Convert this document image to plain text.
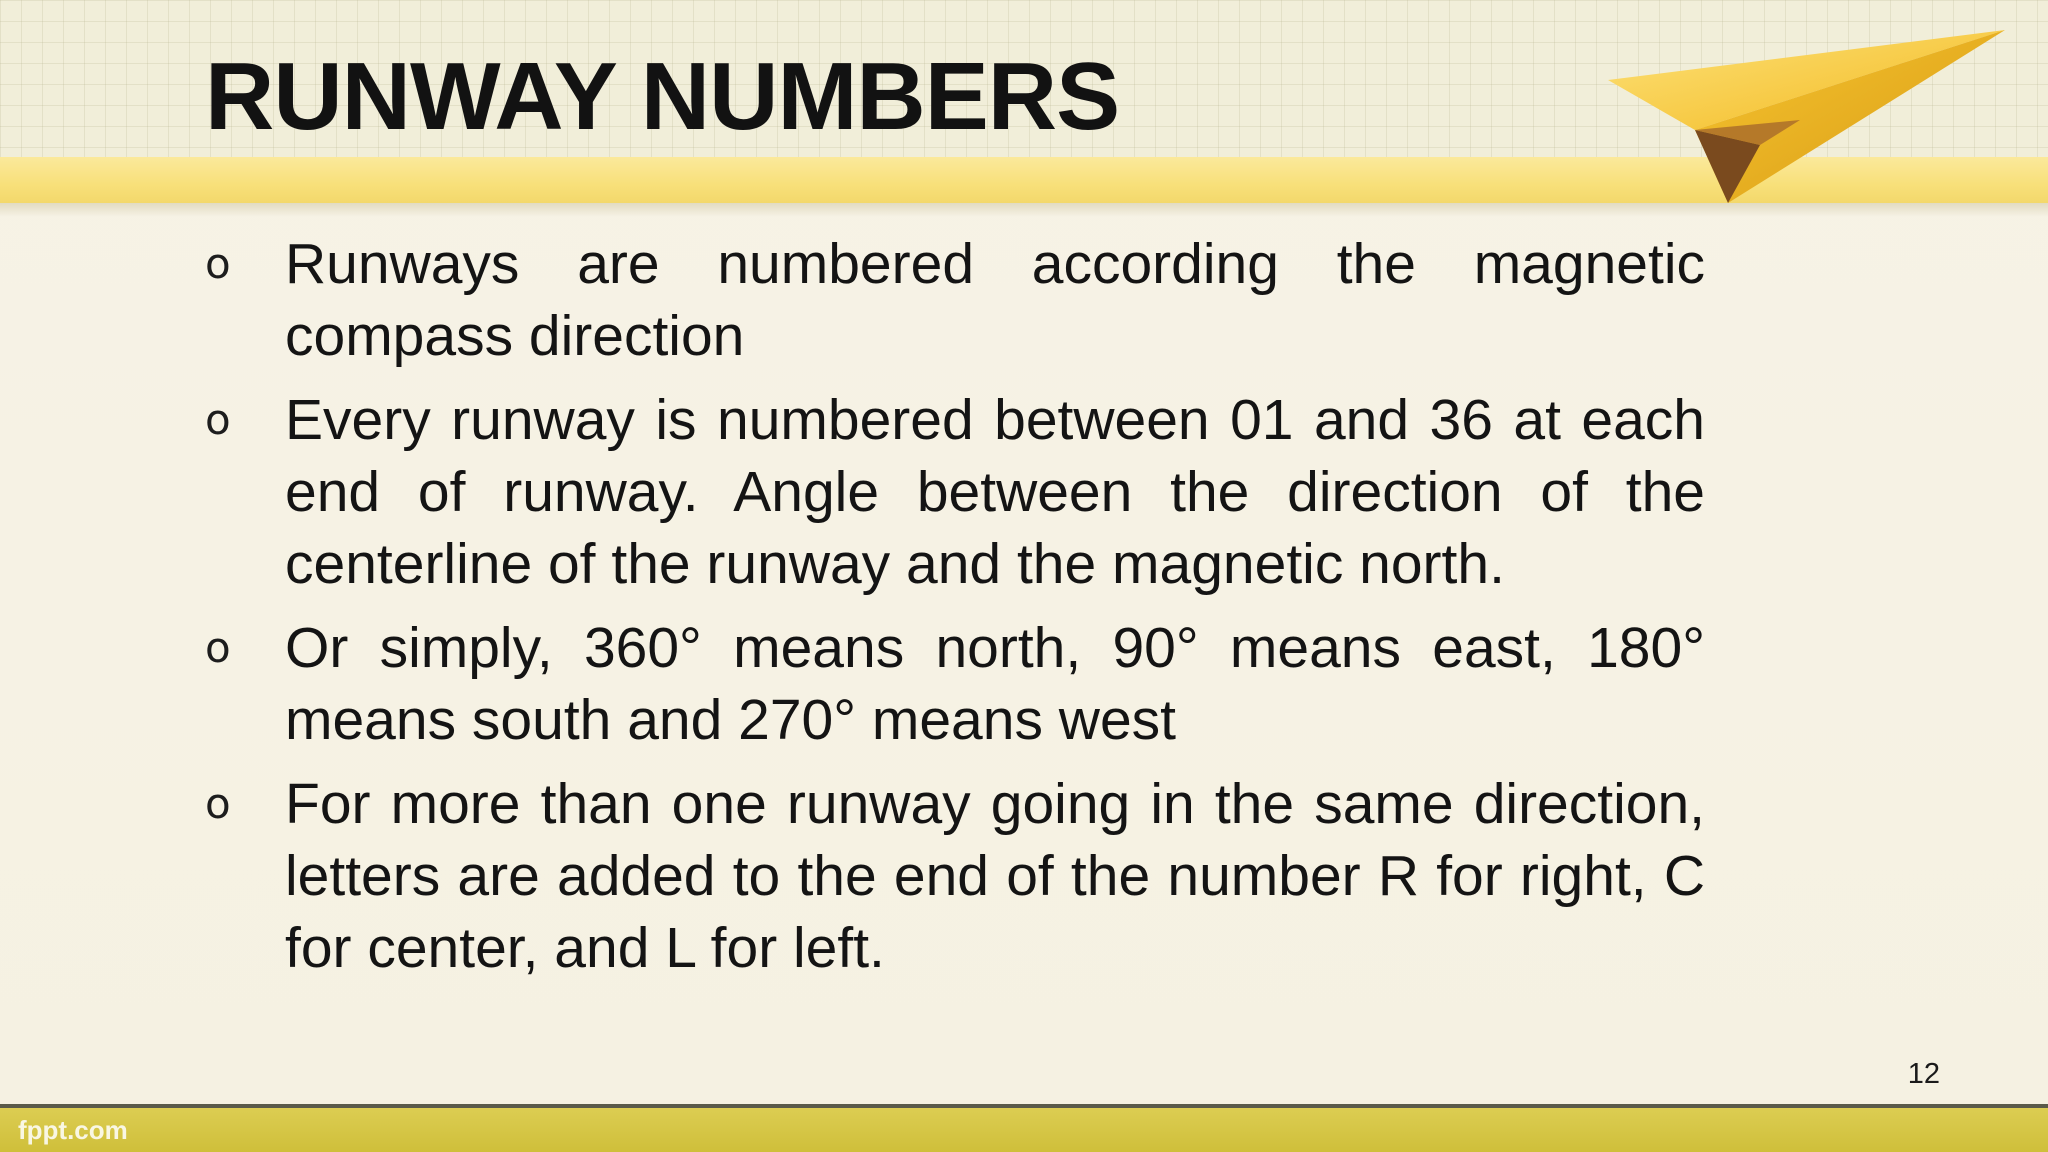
RUNWAY NUMBERS
o Runways are numbered according the magnetic compass direction
o Every runway is numbered between 01 and 36 at each end of runway. Angle between the direction of the centerline of the runway and the magnetic north.
o Or simply, 360° means north, 90° means east, 180° means south and 270° means west
o For more than one runway going in the same direction, letters are added to the end of the number R for right, C for center, and L for left.
12
fppt.com
